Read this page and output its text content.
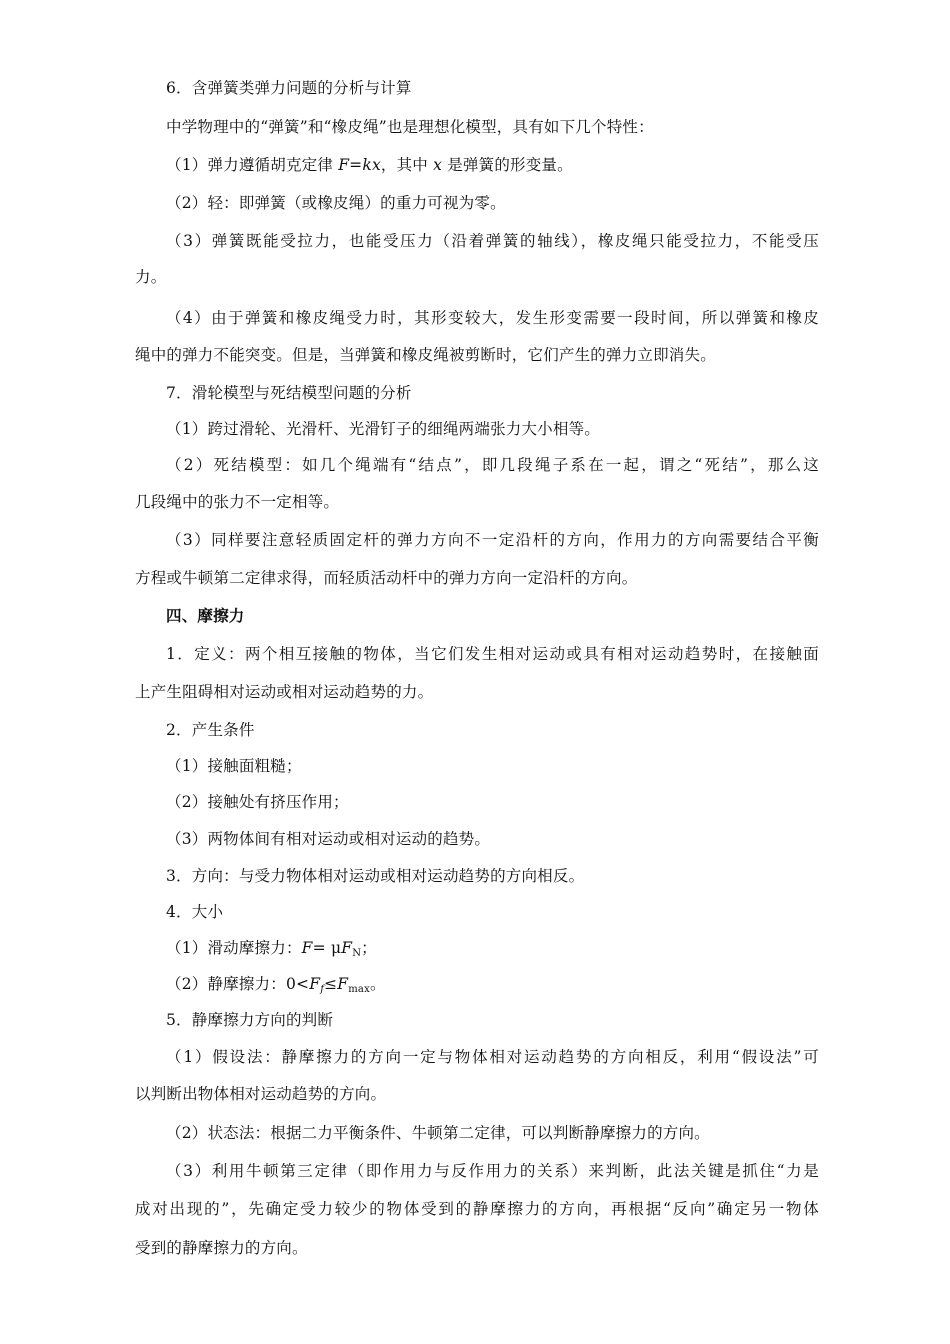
6．含弹簧类弹力问题的分析与计算
中学物理中的“弹簧”和“橡皮绳”也是理想化模型，具有如下几个特性：
（1）弹力遵循胡克定律 F=kx，其中 x 是弹簧的形变量。
（2）轻：即弹簧（或橡皮绳）的重力可视为零。
（3）弹簧既能受拉力，也能受压力（沿着弹簧的轴线），橡皮绳只能受拉力，不能受压
力。
（4）由于弹簧和橡皮绳受力时，其形变较大，发生形变需要一段时间，所以弹簧和橡皮
绳中的弹力不能突变。但是，当弹簧和橡皮绳被剪断时，它们产生的弹力立即消失。
7．滑轮模型与死结模型问题的分析
（1）跨过滑轮、光滑杆、光滑钉子的细绳两端张力大小相等。
（2）死结模型：如几个绳端有“结点”，即几段绳子系在一起，谓之“死结”，那么这
几段绳中的张力不一定相等。
（3）同样要注意轻质固定杆的弹力方向不一定沿杆的方向，作用力的方向需要结合平衡
方程或牛顿第二定律求得，而轻质活动杆中的弹力方向一定沿杆的方向。
四、摩擦力
1．定义：两个相互接触的物体，当它们发生相对运动或具有相对运动趋势时，在接触面
上产生阻碍相对运动或相对运动趋势的力。
2．产生条件
（1）接触面粗糙；
（2）接触处有挤压作用；
（3）两物体间有相对运动或相对运动的趋势。
3．方向：与受力物体相对运动或相对运动趋势的方向相反。
4．大小
（1）滑动摩擦力：$F= \mu F_N$；
（2）静摩擦力：$0<F_f\le F_{max}$。
5．静摩擦力方向的判断
（1）假设法：静摩擦力的方向一定与物体相对运动趋势的方向相反，利用“假设法”可
以判断出物体相对运动趋势的方向。
（2）状态法：根据二力平衡条件、牛顿第二定律，可以判断静摩擦力的方向。
（3）利用牛顿第三定律（即作用力与反作用力的关系）来判断，此法关键是抓住“力是
成对出现的”，先确定受力较少的物体受到的静摩擦力的方向，再根据“反向”确定另一物体
受到的静摩擦力的方向。
